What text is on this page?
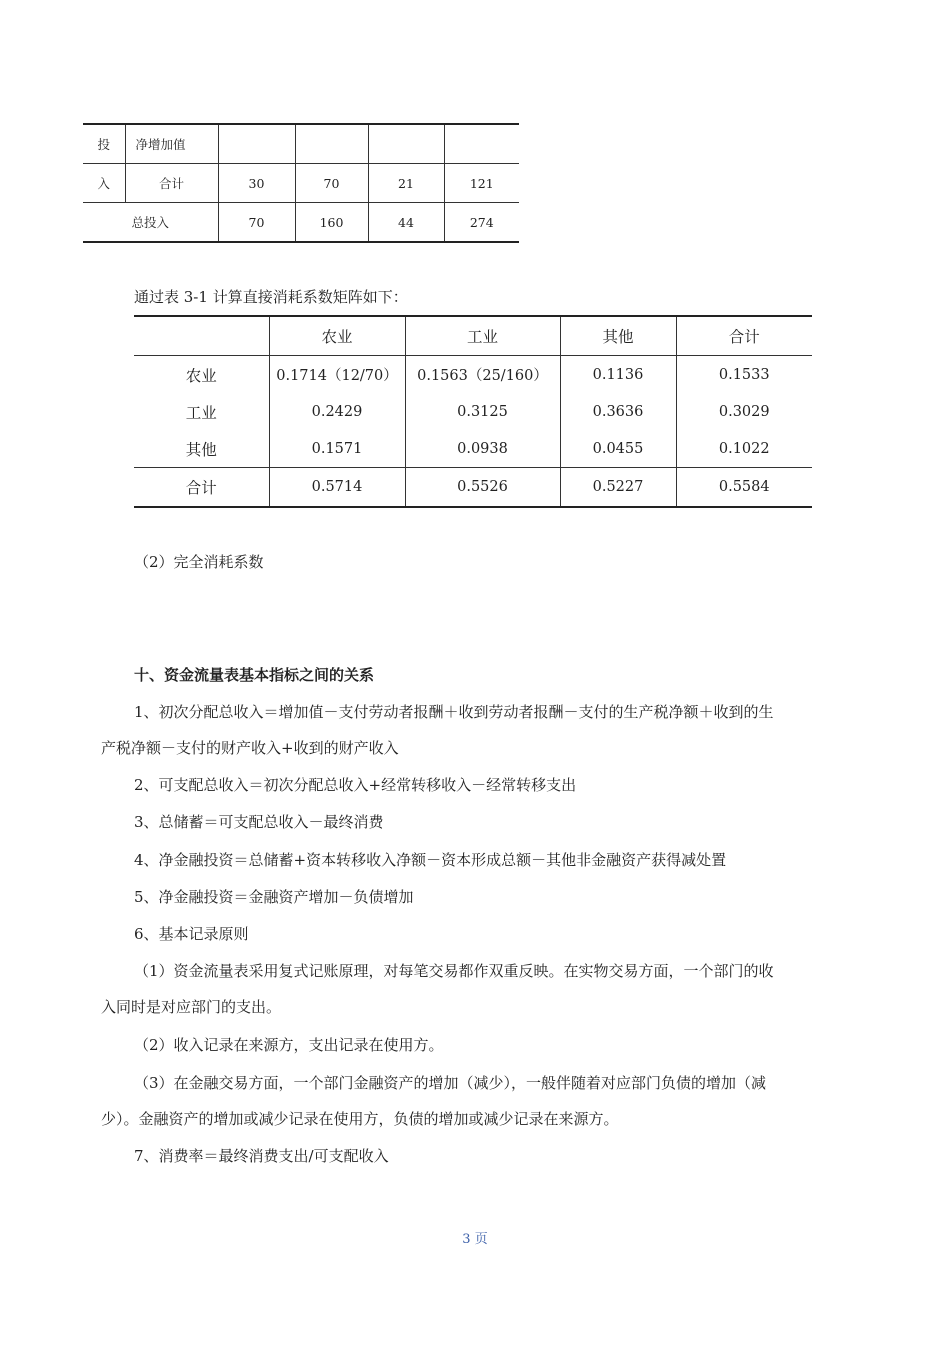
投	净增加值				
入	合计	30	70	21	121
总投入		70	160	44	274
通过表 3-1 计算直接消耗系数矩阵如下：
	农业	工业	其他	合计
农业	0.1714（12/70）	0.1563（25/160）	0.1136	0.1533
工业	0.2429	0.3125	0.3636	0.3029
其他	0.1571	0.0938	0.0455	0.1022
合计	0.5714	0.5526	0.5227	0.5584
（2）完全消耗系数
十、资金流量表基本指标之间的关系
1、初次分配总收入＝增加值－支付劳动者报酬＋收到劳动者报酬－支付的生产税净额＋收到的生
产税净额－支付的财产收入+收到的财产收入
2、可支配总收入＝初次分配总收入+经常转移收入－经常转移支出
3、总储蓄＝可支配总收入－最终消费
4、净金融投资＝总储蓄+资本转移收入净额－资本形成总额－其他非金融资产获得减处置
5、净金融投资＝金融资产增加－负债增加
6、基本记录原则
（1）资金流量表采用复式记账原理，对每笔交易都作双重反映。在实物交易方面，一个部门的收
入同时是对应部门的支出。
（2）收入记录在来源方，支出记录在使用方。
（3）在金融交易方面，一个部门金融资产的增加（减少），一般伴随着对应部门负债的增加（减
少）。金融资产的增加或减少记录在使用方，负债的增加或减少记录在来源方。
7、消费率＝最终消费支出/可支配收入
3 页
